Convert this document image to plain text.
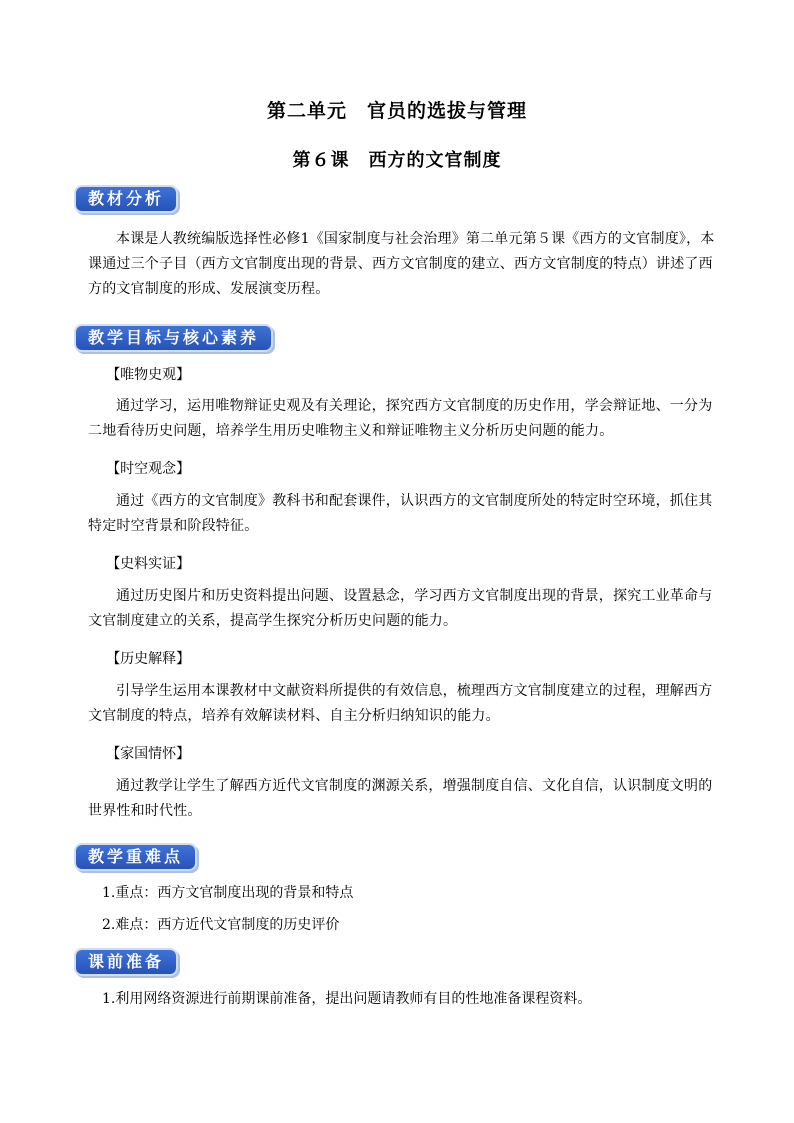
第二单元　官员的选拔与管理
第６课　西方的文官制度
教材分析
本课是人教统编版选择性必修1《国家制度与社会治理》第二单元第５课《西方的文官制度》，本课通过三个子目（西方文官制度出现的背景、西方文官制度的建立、西方文官制度的特点）讲述了西方的文官制度的形成、发展演变历程。
教学目标与核心素养
【唯物史观】
通过学习，运用唯物辩证史观及有关理论，探究西方文官制度的历史作用，学会辩证地、一分为二地看待历史问题，培养学生用历史唯物主义和辩证唯物主义分析历史问题的能力。
【时空观念】
通过《西方的文官制度》教科书和配套课件，认识西方的文官制度所处的特定时空环境，抓住其特定时空背景和阶段特征。
【史料实证】
通过历史图片和历史资料提出问题、设置悬念，学习西方文官制度出现的背景，探究工业革命与文官制度建立的关系，提高学生探究分析历史问题的能力。
【历史解释】
引导学生运用本课教材中文献资料所提供的有效信息，梳理西方文官制度建立的过程，理解西方文官制度的特点，培养有效解读材料、自主分析归纳知识的能力。
【家国情怀】
通过教学让学生了解西方近代文官制度的渊源关系，增强制度自信、文化自信，认识制度文明的世界性和时代性。
教学重难点
1.重点：西方文官制度出现的背景和特点
2.难点：西方近代文官制度的历史评价
课前准备
1.利用网络资源进行前期课前准备，提出问题请教师有目的性地准备课程资料。
